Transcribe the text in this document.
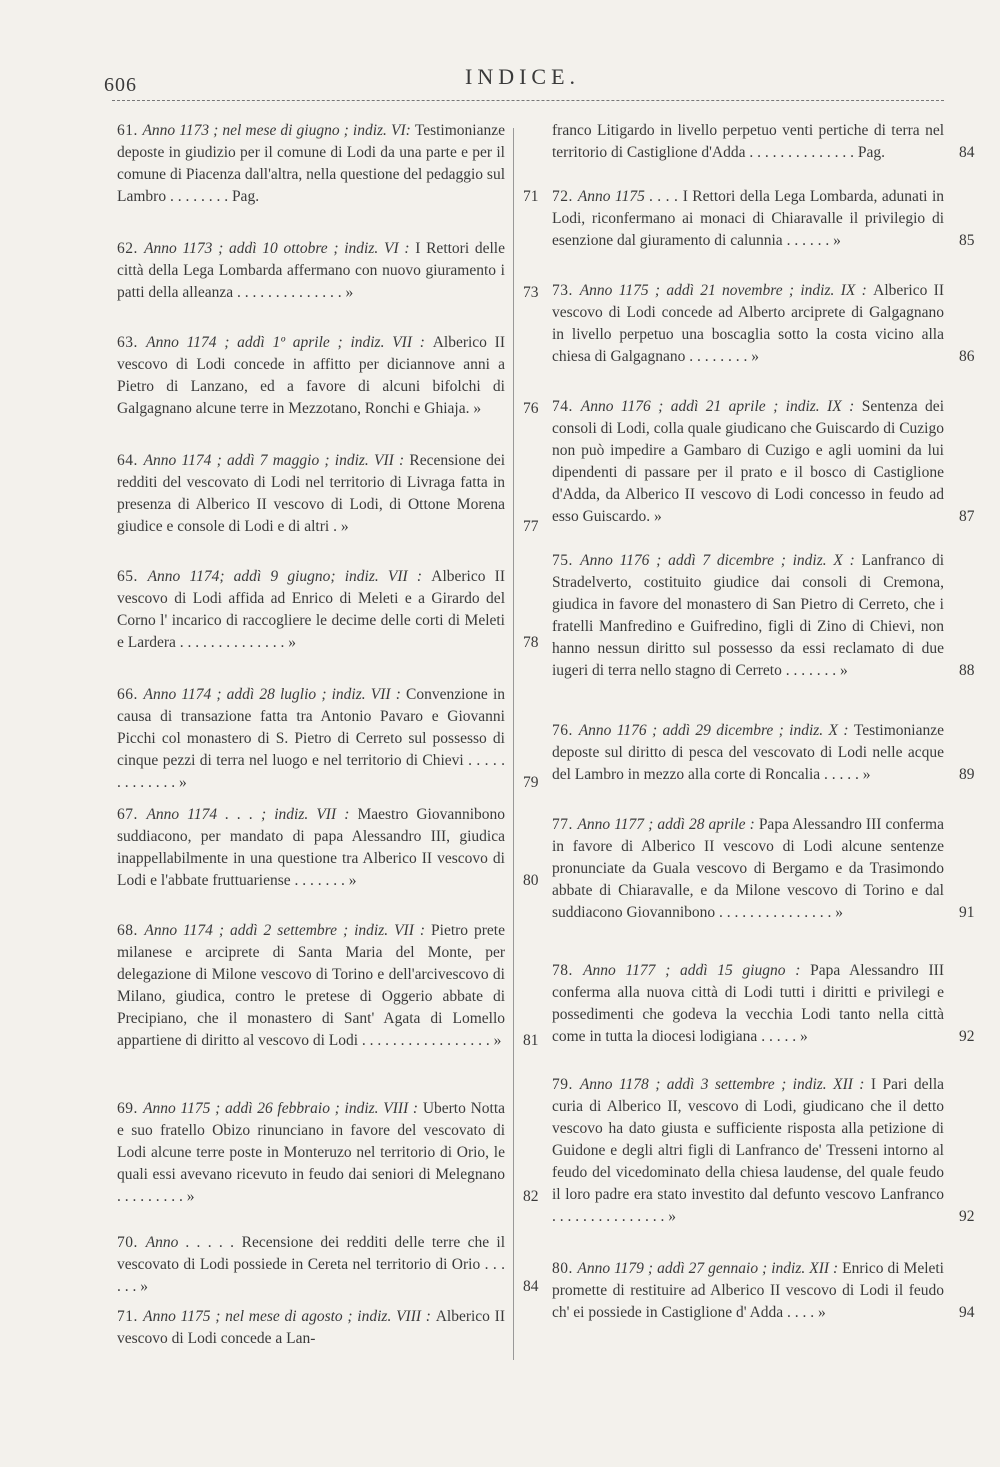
606	INDICE.
61. Anno 1173 ; nel mese di giugno ; indiz. VI: Testimonianze deposte in giudizio per il comune di Lodi da una parte e per il comune di Piacenza dall'altra, nella questione del pedaggio sul Lambro . . . . . . . . Pag.	71
62. Anno 1173 ; addì 10 ottobre ; indiz. VI : I Rettori delle città della Lega Lombarda affermano con nuovo giuramento i patti della alleanza . . . . . . . . . . . . . . »	73
63. Anno 1174 ; addì 1º aprile ; indiz. VII : Alberico II vescovo di Lodi concede in affitto per diciannove anni a Pietro di Lanzano, ed a favore di alcuni bifolchi di Galgagnano alcune terre in Mezzotano, Ronchi e Ghiaja. »	76
64. Anno 1174 ; addì 7 maggio ; indiz. VII : Recensione dei redditi del vescovato di Lodi nel territorio di Livraga fatta in presenza di Alberico II vescovo di Lodi, di Ottone Morena giudice e console di Lodi e di altri . »	77
65. Anno 1174; addì 9 giugno; indiz. VII : Alberico II vescovo di Lodi affida ad Enrico di Meleti e a Girardo del Corno l' incarico di raccogliere le decime delle corti di Meleti e Lardera . . . . . . . . . . . . . . »	78
66. Anno 1174 ; addì 28 luglio ; indiz. VII : Convenzione in causa di transazione fatta tra Antonio Pavaro e Giovanni Picchi col monastero di S. Pietro di Cerreto sul possesso di cinque pezzi di terra nel luogo e nel territorio di Chievi . . . . . . . . . . . . . »	79
67. Anno 1174 . . . ; indiz. VII : Maestro Giovannibono suddiacono, per mandato di papa Alessandro III, giudica inappellabilmente in una questione tra Alberico II vescovo di Lodi e l'abbate fruttuariense . . . . . . . »	80
68. Anno 1174 ; addì 2 settembre ; indiz. VII : Pietro prete milanese e arciprete di Santa Maria del Monte, per delegazione di Milone vescovo di Torino e dell'arcivescovo di Milano, giudica, contro le pretese di Oggerio abbate di Precipiano, che il monastero di Sant' Agata di Lomello appartiene di diritto al vescovo di Lodi . . . . . . . . . . . . . . . . . » 81
69. Anno 1175 ; addì 26 febbraio ; indiz. VIII : Uberto Notta e suo fratello Obizo rinunciano in favore del vescovato di Lodi alcune terre poste in Monteruzo nel territorio di Orio, le quali essi avevano ricevuto in feudo dai seniori di Melegnano . . . . . . . . . »	82
70. Anno . . . . . Recensione dei redditi delle terre che il vescovato di Lodi possiede in Cereta nel territorio di Orio . . . . . . »	84
71. Anno 1175 ; nel mese di agosto ; indiz. VIII : Alberico II vescovo di Lodi concede a Lan-
franco Litigardo in livello perpetuo venti pertiche di terra nel territorio di Castiglione d'Adda . . . . . . . . . . . . . . Pag.	84
72. Anno 1175 . . . . I Rettori della Lega Lombarda, adunati in Lodi, riconfermano ai monaci di Chiaravalle il privilegio di esenzione dal giuramento di calunnia . . . . . . »	85
73. Anno 1175 ; addì 21 novembre ; indiz. IX : Alberico II vescovo di Lodi concede ad Alberto arciprete di Galgagnano in livello perpetuo una boscaglia sotto la costa vicino alla chiesa di Galgagnano . . . . . . . . »	86
74. Anno 1176 ; addì 21 aprile ; indiz. IX : Sentenza dei consoli di Lodi, colla quale giudicano che Guiscardo di Cuzigo non può impedire a Gambaro di Cuzigo e agli uomini da lui dipendenti di passare per il prato e il bosco di Castiglione d'Adda, da Alberico II vescovo di Lodi concesso in feudo ad esso Guiscardo. »	87
75. Anno 1176 ; addì 7 dicembre ; indiz. X : Lanfranco di Stradelverto, costituito giudice dai consoli di Cremona, giudica in favore del monastero di San Pietro di Cerreto, che i fratelli Manfredino e Guifredino, figli di Zino di Chievi, non hanno nessun diritto sul possesso da essi reclamato di due iugeri di terra nello stagno di Cerreto . . . . . . . »	88
76. Anno 1176 ; addì 29 dicembre ; indiz. X : Testimonianze deposte sul diritto di pesca del vescovato di Lodi nelle acque del Lambro in mezzo alla corte di Roncalia . . . . . »	89
77. Anno 1177 ; addì 28 aprile : Papa Alessandro III conferma in favore di Alberico II vescovo di Lodi alcune sentenze pronunciate da Guala vescovo di Bergamo e da Trasimondo abbate di Chiaravalle, e da Milone vescovo di Torino e dal suddiacono Giovannibono . . . . . . . . . . . . . . . »	91
78. Anno 1177 ; addì 15 giugno : Papa Alessandro III conferma alla nuova città di Lodi tutti i diritti e privilegi e possedimenti che godeva la vecchia Lodi tanto nella città come in tutta la diocesi lodigiana . . . . . »	92
79. Anno 1178 ; addì 3 settembre ; indiz. XII : I Pari della curia di Alberico II, vescovo di Lodi, giudicano che il detto vescovo ha dato giusta e sufficiente risposta alla petizione di Guidone e degli altri figli di Lanfranco de' Tresseni intorno al feudo del vicedominato della chiesa laudense, del quale feudo il loro padre era stato investito dal defunto vescovo Lanfranco . . . . . . . . . . . . . . . »	92
80. Anno 1179 ; addì 27 gennaio ; indiz. XII : Enrico di Meleti promette di restituire ad Alberico II vescovo di Lodi il feudo ch' ei possiede in Castiglione d' Adda . . . . »	94
